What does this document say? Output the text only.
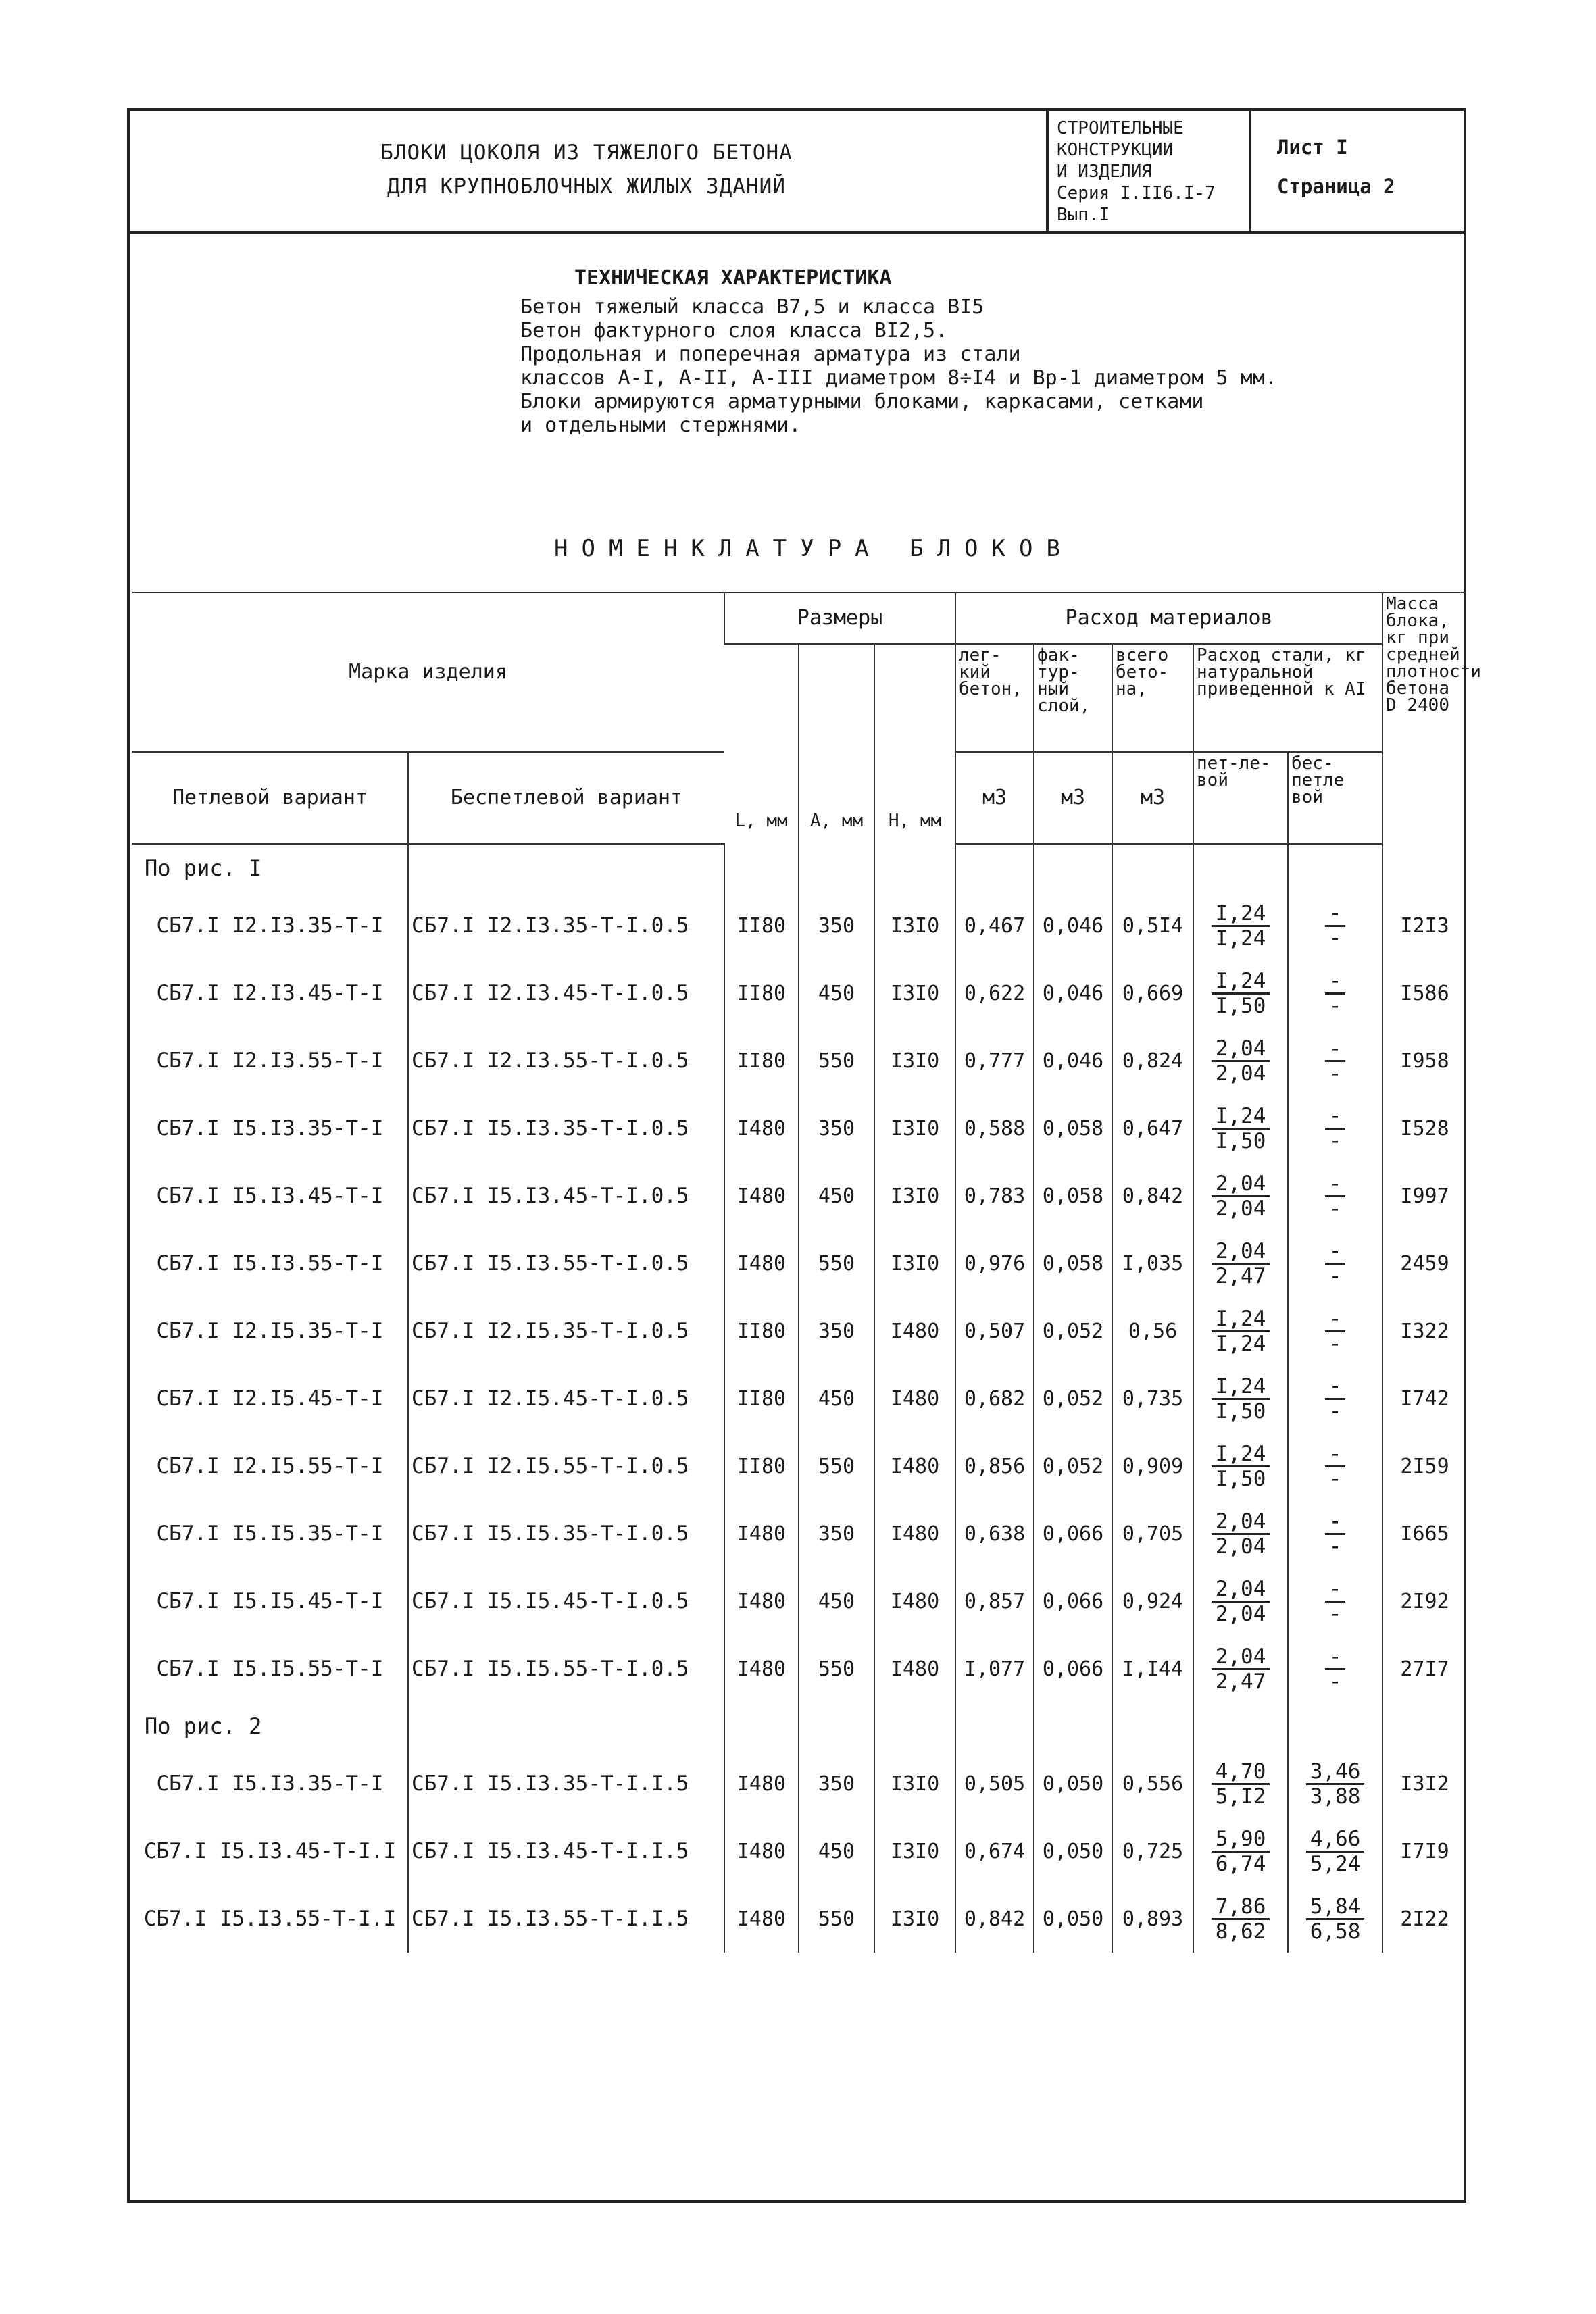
БЛОКИ ЦОКОЛЯ ИЗ ТЯЖЕЛОГО БЕТОНА
ДЛЯ КРУПНОБЛОЧНЫХ ЖИЛЫХ ЗДАНИЙ
СТРОИТЕЛЬНЫЕ
КОНСТРУКЦИИ
И ИЗДЕЛИЯ
Серия I.II6.I-7
Вып.I
Лист I
Страница 2
ТЕХНИЧЕСКАЯ ХАРАКТЕРИСТИКА
Бетон тяжелый класса В7,5 и класса ВI5
Бетон фактурного слоя класса ВI2,5.
Продольная и поперечная арматура из стали
классов А-I, А-II, А-III диаметром 8÷I4 и Вр-1 диаметром 5 мм.
Блоки армируются арматурными блоками, каркасами, сетками
и отдельными стержнями.
НОМЕНКЛАТУРА БЛОКОВ
Марка изделия		Размеры			Расход материалов					Масса блока, кг при средней плотности бетона D 2400
		L, мм	А, мм	Н, мм	лег-кий бетон,	фак-тур-ный слой,	всего бето-на,	Расход стали, кг натуральной приведенной к АI		
Петлевой вариант	Беспетлевой вариант				м3	м3	м3	пет-ле-вой	бес-петле вой	
По рис. I										
СБ7.I I2.I3.35-Т-I	СБ7.I I2.I3.35-Т-I.0.5	II80	350	I3I0	0,467	0,046	0,5I4	$\frac{I,24}{I,24}$	$\frac{-}{-}$	I2I3
СБ7.I I2.I3.45-Т-I	СБ7.I I2.I3.45-Т-I.0.5	II80	450	I3I0	0,622	0,046	0,669	$\frac{I,24}{I,50}$	$\frac{-}{-}$	I586
СБ7.I I2.I3.55-Т-I	СБ7.I I2.I3.55-Т-I.0.5	II80	550	I3I0	0,777	0,046	0,824	$\frac{2,04}{2,04}$	$\frac{-}{-}$	I958
СБ7.I I5.I3.35-Т-I	СБ7.I I5.I3.35-Т-I.0.5	I480	350	I3I0	0,588	0,058	0,647	$\frac{I,24}{I,50}$	$\frac{-}{-}$	I528
СБ7.I I5.I3.45-Т-I	СБ7.I I5.I3.45-Т-I.0.5	I480	450	I3I0	0,783	0,058	0,842	$\frac{2,04}{2,04}$	$\frac{-}{-}$	I997
СБ7.I I5.I3.55-Т-I	СБ7.I I5.I3.55-Т-I.0.5	I480	550	I3I0	0,976	0,058	I,035	$\frac{2,04}{2,47}$	$\frac{-}{-}$	2459
СБ7.I I2.I5.35-Т-I	СБ7.I I2.I5.35-Т-I.0.5	II80	350	I480	0,507	0,052	0,56	$\frac{I,24}{I,24}$	$\frac{-}{-}$	I322
СБ7.I I2.I5.45-Т-I	СБ7.I I2.I5.45-Т-I.0.5	II80	450	I480	0,682	0,052	0,735	$\frac{I,24}{I,50}$	$\frac{-}{-}$	I742
СБ7.I I2.I5.55-Т-I	СБ7.I I2.I5.55-Т-I.0.5	II80	550	I480	0,856	0,052	0,909	$\frac{I,24}{I,50}$	$\frac{-}{-}$	2I59
СБ7.I I5.I5.35-Т-I	СБ7.I I5.I5.35-Т-I.0.5	I480	350	I480	0,638	0,066	0,705	$\frac{2,04}{2,04}$	$\frac{-}{-}$	I665
СБ7.I I5.I5.45-Т-I	СБ7.I I5.I5.45-Т-I.0.5	I480	450	I480	0,857	0,066	0,924	$\frac{2,04}{2,04}$	$\frac{-}{-}$	2I92
СБ7.I I5.I5.55-Т-I	СБ7.I I5.I5.55-Т-I.0.5	I480	550	I480	I,077	0,066	I,I44	$\frac{2,04}{2,47}$	$\frac{-}{-}$	27I7
По рис. 2										
СБ7.I I5.I3.35-Т-I	СБ7.I I5.I3.35-Т-I.I.5	I480	350	I3I0	0,505	0,050	0,556	$\frac{4,70}{5,I2}$	$\frac{3,46}{3,88}$	I3I2
СБ7.I I5.I3.45-Т-I.I	СБ7.I I5.I3.45-Т-I.I.5	I480	450	I3I0	0,674	0,050	0,725	$\frac{5,90}{6,74}$	$\frac{4,66}{5,24}$	I7I9
СБ7.I I5.I3.55-Т-I.I	СБ7.I I5.I3.55-Т-I.I.5	I480	550	I3I0	0,842	0,050	0,893	$\frac{7,86}{8,62}$	$\frac{5,84}{6,58}$	2I22
